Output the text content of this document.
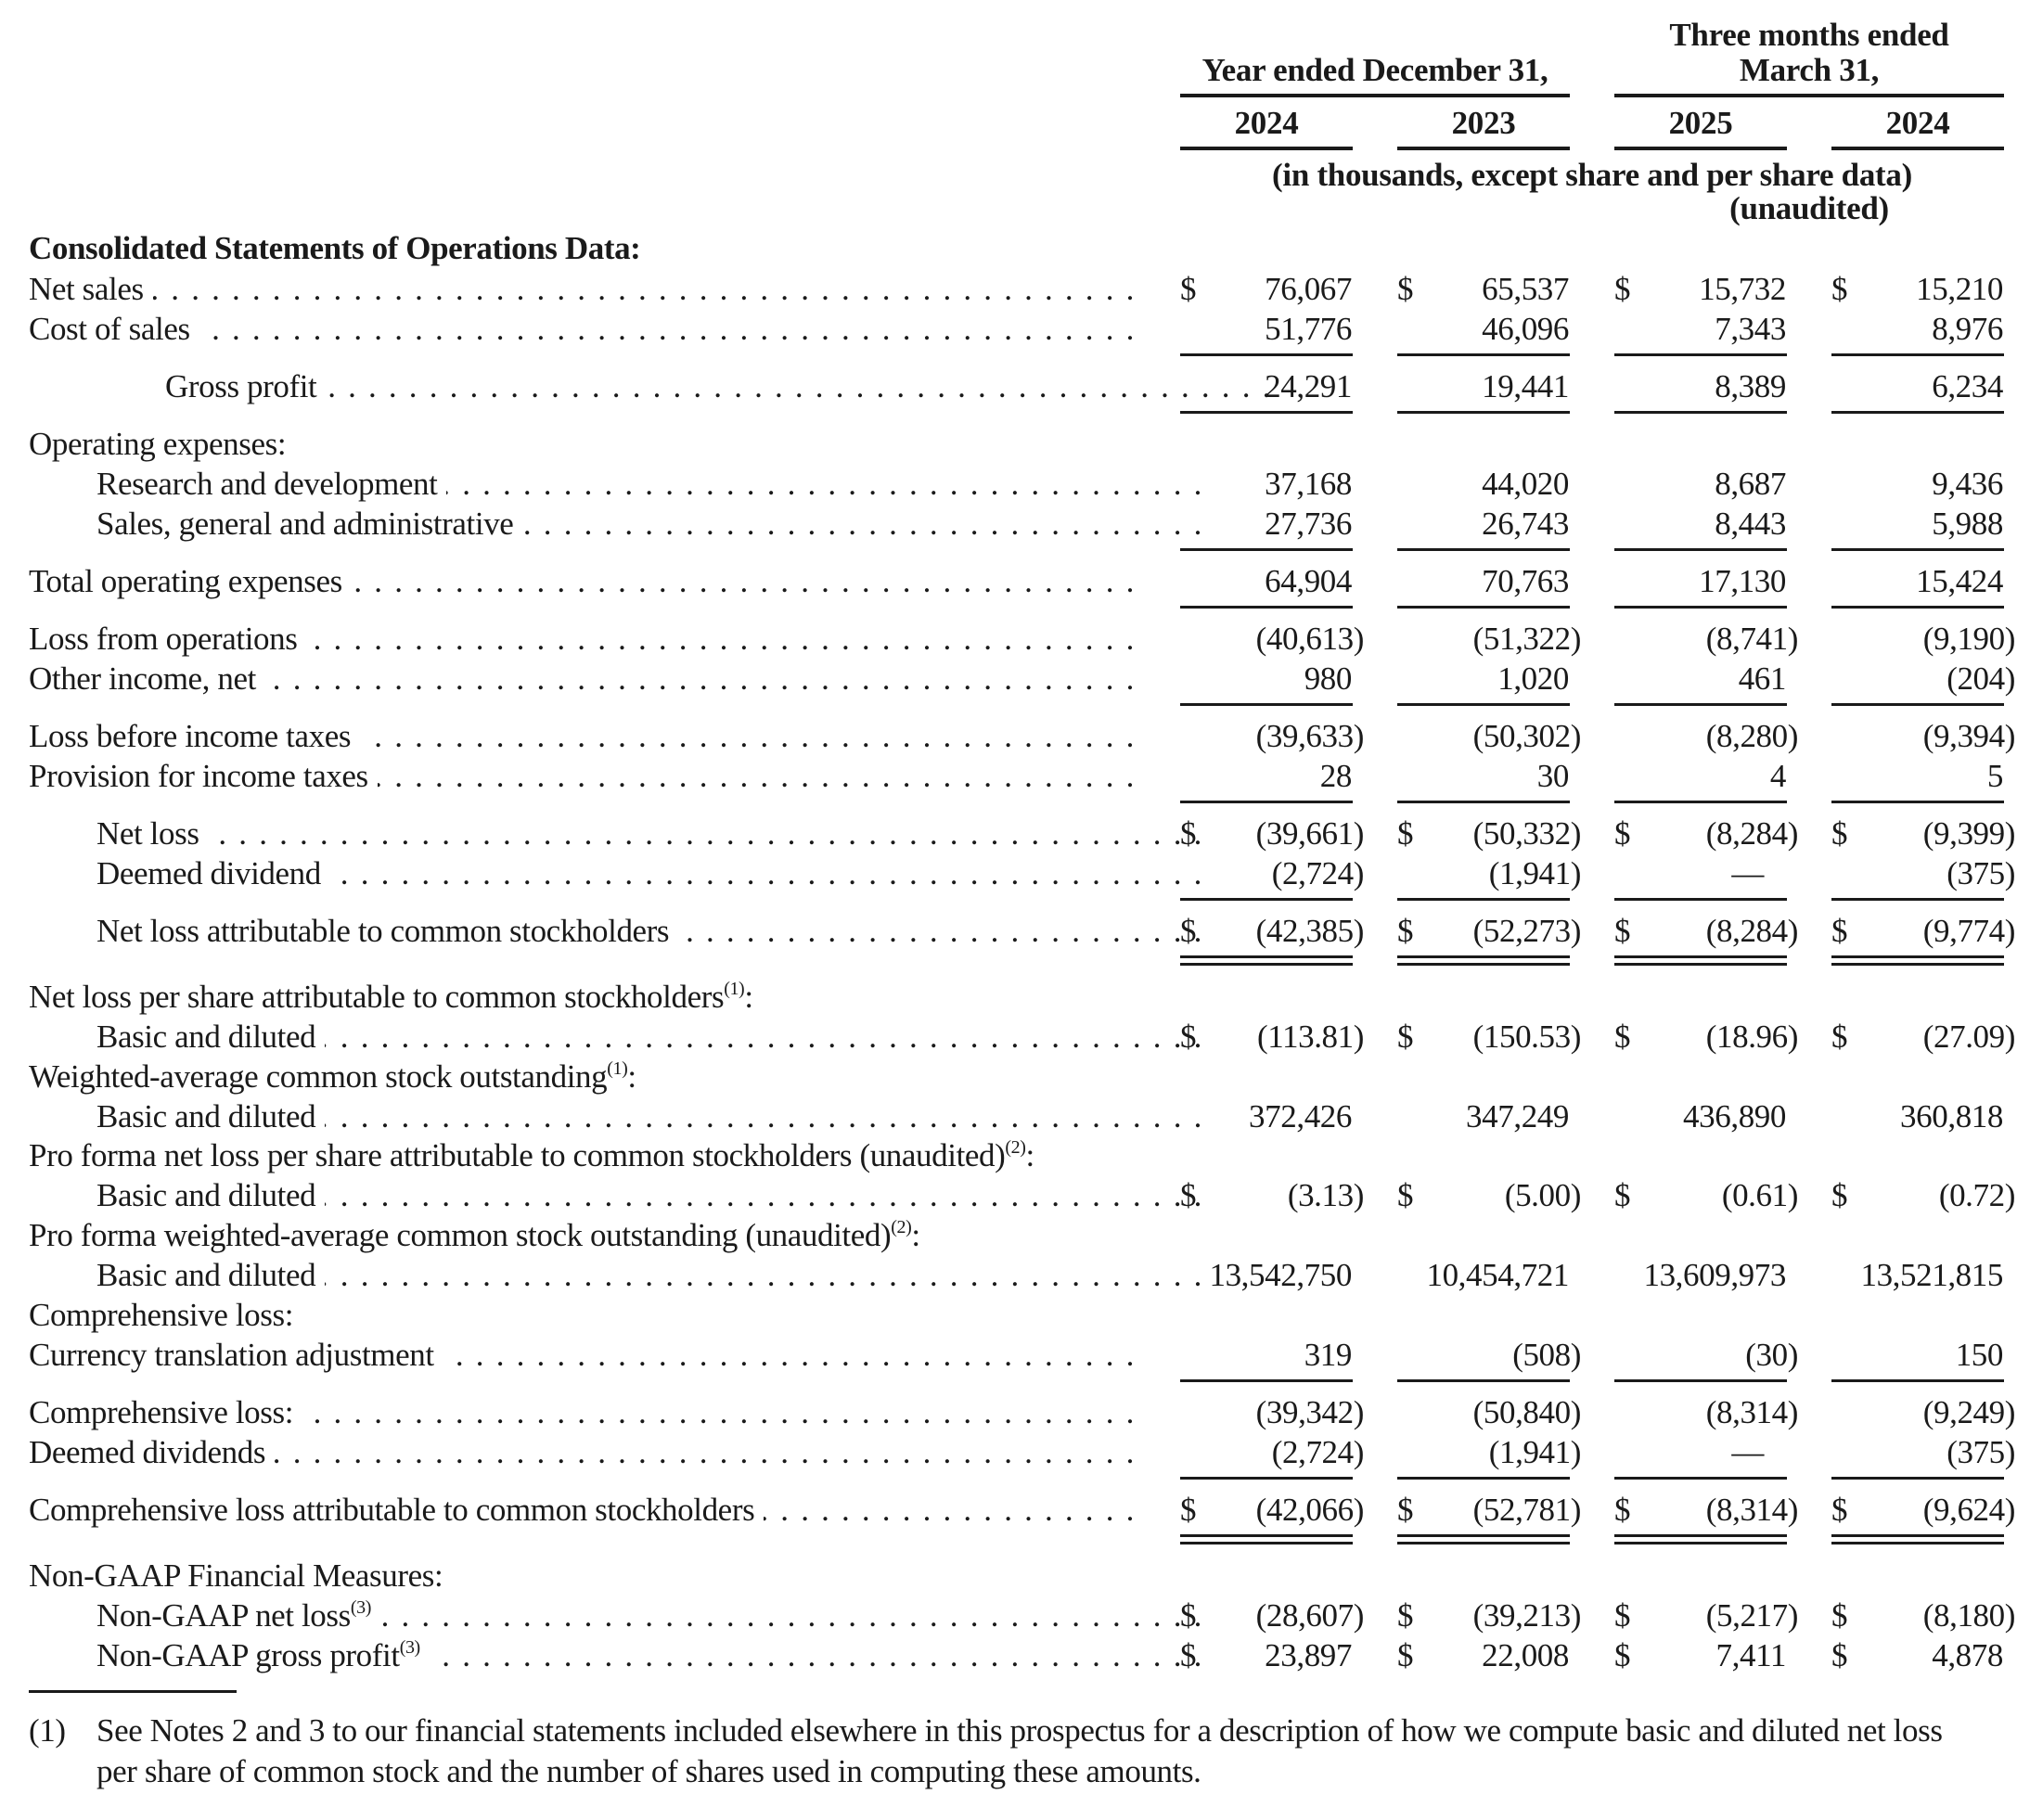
Year ended December 31,
Three months ended
March 31,
2024	2023	2025	2024
(in thousands, except share and per share data)
(unaudited)
Consolidated Statements of Operations Data:
Net sales . . .	$	76,067 $	65,537 $	15,732 $	15,210
Cost of sales . . .	51,776	46,096	7,343	8,976
Gross profit . . .	24,291	19,441	8,389	6,234
Operating expenses:
Research and development . . .	37,168	44,020	8,687	9,436
Sales, general and administrative . . .	27,736	26,743	8,443	5,988
Total operating expenses . . .	64,904	70,763	17,130	15,424
Loss from operations . . .	(40,613)	(51,322)	(8,741)	(9,190)
Other income, net . . .	980	1,020	461	(204)
Loss before income taxes . . .	(39,633)	(50,302)	(8,280)	(9,394)
Provision for income taxes . . .	28	30	4	5
Net loss . . .	$	(39,661) $	(50,332) $	(8,284) $	(9,399)
Deemed dividend . . .	(2,724)	(1,941)	—	(375)
Net loss attributable to common stockholders . . .	$	(42,385) $	(52,273) $	(8,284) $	(9,774)
Net loss per share attributable to common stockholders$^{(1)}$:
Basic and diluted . . .	$	(113.81) $	(150.53) $	(18.96) $	(27.09)
Weighted-average common stock outstanding$^{(1)}$:
Basic and diluted . . .	372,426	347,249	436,890	360,818
Pro forma net loss per share attributable to common stockholders (unaudited)$^{(2)}$:
Basic and diluted . . .	$	(3.13) $	(5.00) $	(0.61) $	(0.72)
Pro forma weighted-average common stock outstanding (unaudited)$^{(2)}$:
Basic and diluted . . .	13,542,750	10,454,721	13,609,973	13,521,815
Comprehensive loss:
Currency translation adjustment . . .	319	(508)	(30)	150
Comprehensive loss: . . .	(39,342)	(50,840)	(8,314)	(9,249)
Deemed dividends . . .	(2,724)	(1,941)	—	(375)
Comprehensive loss attributable to common stockholders . . .	$	(42,066) $	(52,781) $	(8,314) $	(9,624)
Non-GAAP Financial Measures:
Non-GAAP net loss$^{(3)}$ . . .	$	(28,607) $	(39,213) $	(5,217) $	(8,180)
Non-GAAP gross profit$^{(3)}$ . . .	$	23,897 $	22,008 $	7,411 $	4,878
(1) See Notes 2 and 3 to our financial statements included elsewhere in this prospectus for a description of how we compute basic and diluted net loss per share of common stock and the number of shares used in computing these amounts.
